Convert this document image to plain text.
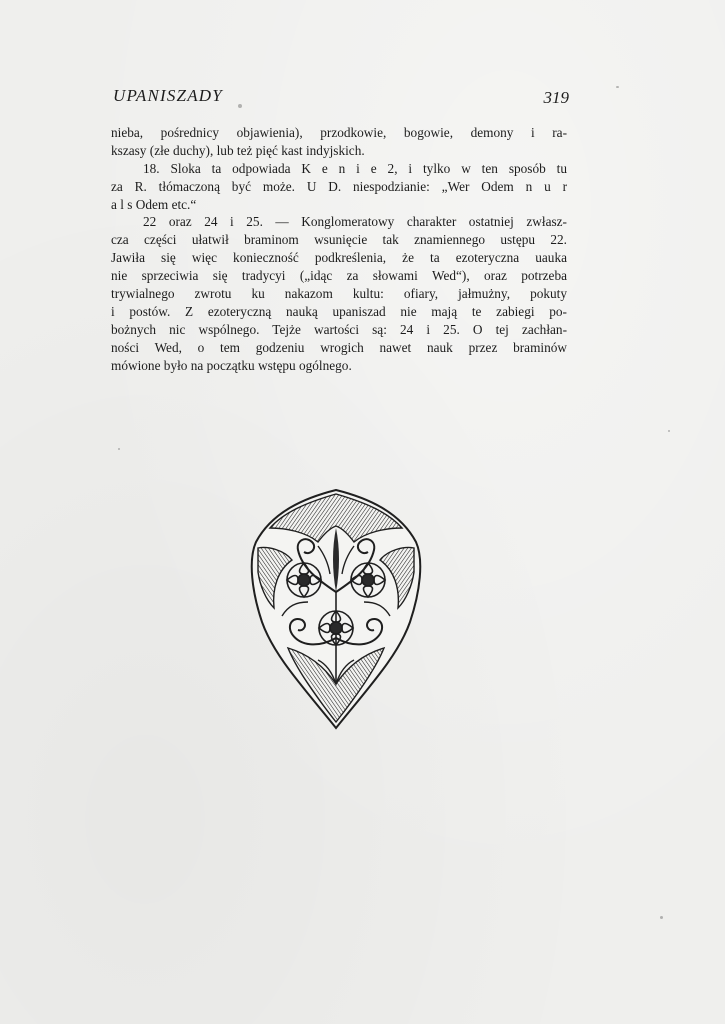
UPANISZADY	319
nieba, pośrednicy objawienia), przodkowie, bogowie, demony i ra-
kszasy (złe duchy), lub też pięć kast indyjskich.
18. Sloka ta odpowiada K e n i e 2, i tylko w ten sposób tu
za R. tłómaczoną być może. U D. niespodzianie: „Wer Odem n u r
a l s Odem etc.“
22 oraz 24 i 25. — Konglomeratowy charakter ostatniej zwłasz-
cza części ułatwił braminom wsunięcie tak znamiennego ustępu 22.
Jawiła się więc konieczność podkreślenia, że ta ezoteryczna uauka
nie sprzeciwia się tradycyi („idąc za słowami Wed“), oraz potrzeba
trywialnego zwrotu ku nakazom kultu: ofiary, jałmużny, pokuty
i postów. Z ezoteryczną nauką upaniszad nie mają te zabiegi po-
bożnych nic wspólnego. Tejże wartości są: 24 i 25. O tej zachłan-
ności Wed, o tem godzeniu wrogich nawet nauk przez braminów
mówione było na początku wstępu ogólnego.
